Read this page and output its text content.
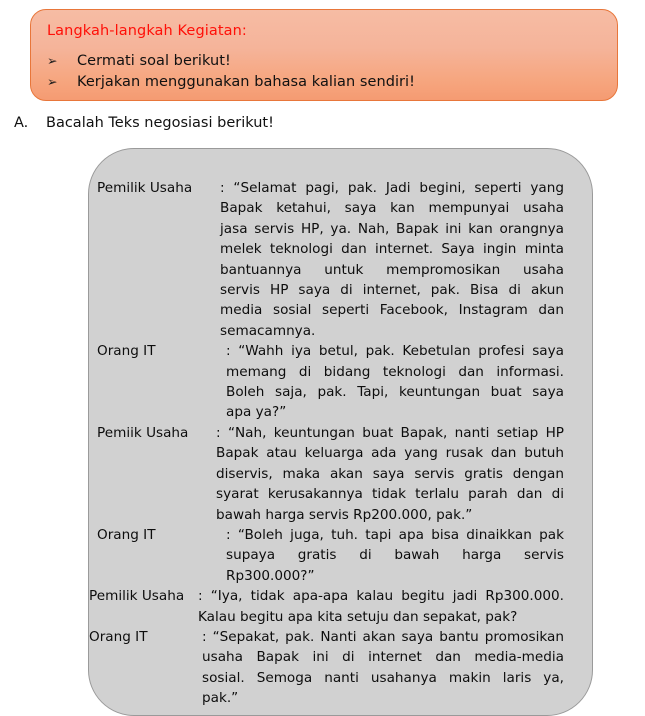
Langkah-langkah Kegiatan:
➢	Cermati soal berikut!
➢	Kerjakan menggunakan bahasa kalian sendiri!
A.	Bacalah Teks negosiasi berikut!
Pemilik Usaha	: “Selamat pagi, pak. Jadi begini, seperti yang
Bapak ketahui, saya kan mempunyai usaha
jasa servis HP, ya. Nah, Bapak ini kan orangnya
melek teknologi dan internet. Saya ingin minta
bantuannya untuk mempromosikan usaha
servis HP saya di internet, pak. Bisa di akun
media sosial seperti Facebook, Instagram dan
semacamnya.
Orang IT	: “Wahh iya betul, pak. Kebetulan profesi saya
memang di bidang teknologi dan informasi.
Boleh saja, pak. Tapi, keuntungan buat saya
apa ya?”
Pemiik Usaha	: “Nah, keuntungan buat Bapak, nanti setiap HP
Bapak atau keluarga ada yang rusak dan butuh
diservis, maka akan saya servis gratis dengan
syarat kerusakannya tidak terlalu parah dan di
bawah harga servis Rp200.000, pak.”
Orang IT	: “Boleh juga, tuh. tapi apa bisa dinaikkan pak
supaya gratis di bawah harga servis
Rp300.000?”
Pemilik Usaha	: “Iya, tidak apa-apa kalau begitu jadi Rp300.000.
Kalau begitu apa kita setuju dan sepakat, pak?
Orang IT	: “Sepakat, pak. Nanti akan saya bantu promosikan
usaha Bapak ini di internet dan media-media
sosial. Semoga nanti usahanya makin laris ya,
pak.”
